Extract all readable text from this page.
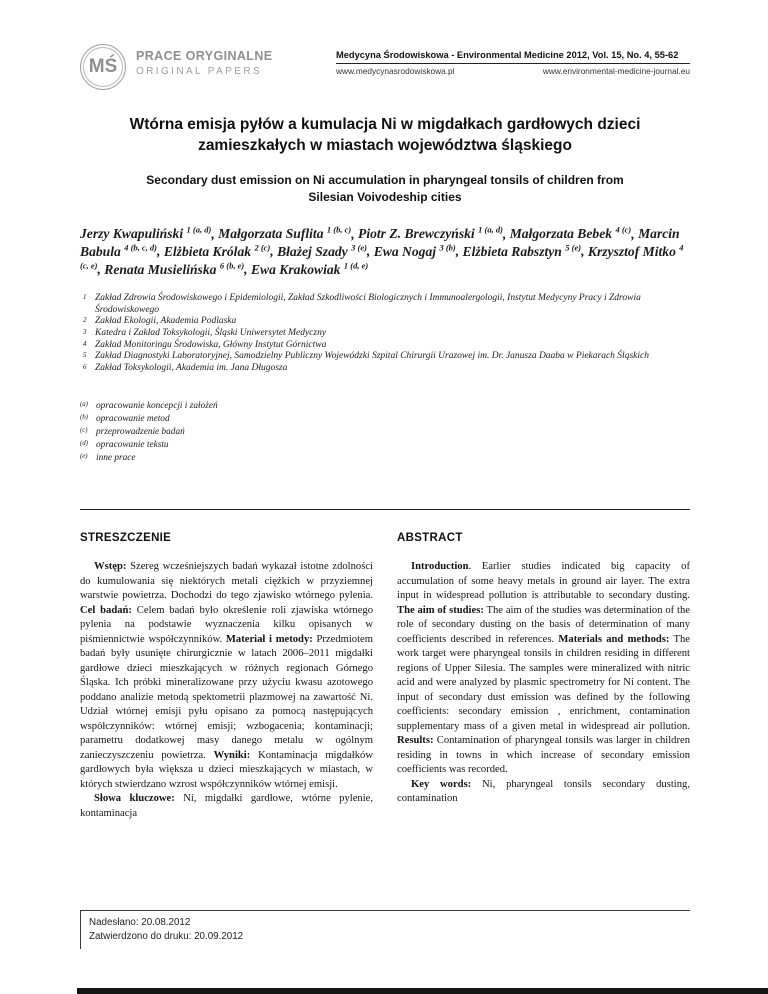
MŚ PRACE ORYGINALNE
ORIGINAL PAPERS
Medycyna Środowiskowa - Environmental Medicine 2012, Vol. 15, No. 4, 55-62
www.medycynasrodowiskowa.pl	www.environmental-medicine-journal.eu
Wtórna emisja pyłów a kumulacja Ni w migdałkach gardłowych dzieci zamieszkałych w miastach województwa śląskiego
Secondary dust emission on Ni accumulation in pharyngeal tonsils of children from Silesian Voivodeship cities
Jerzy Kwapuliński $^{1 (a, d)}$, Małgorzata Suflita $^{1 (b, c)}$, Piotr Z. Brewczyński $^{1 (a, d)}$, Małgorzata Bebek $^{4 (c)}$, Marcin Babula $^{4 (b, c, d)}$, Elżbieta Królak $^{2 (c)}$, Błażej Szady $^{3 (e)}$, Ewa Nogaj $^{3 (b)}$, Elżbieta Rabsztyn $^{5 (e)}$, Krzysztof Mitko $^{4 (c, e)}$, Renata Musielińska $^{6 (b, e)}$, Ewa Krakowiak $^{1 (d, e)}$
1 Zakład Zdrowia Środowiskowego i Epidemiologii, Zakład Szkodliwości Biologicznych i Immunoalergologii, Instytut Medycyny Pracy i Zdrowia Środowiskowego
2 Zakład Ekologii, Akademia Podlaska
3 Katedra i Zakład Toksykologii, Śląski Uniwersytet Medyczny
4 Zakład Monitoringu Środowiska, Główny Instytut Górnictwa
5 Zakład Diagnostyki Laboratoryjnej, Samodzielny Publiczny Wojewódzki Szpital Chirurgii Urazowej im. Dr. Janusza Daaba w Piekarach Śląskich
6 Zakład Toksykologii, Akademia im. Jana Długosza
(a) opracowanie koncepcji i założeń
(b) opracowanie metod
(c) przeprowadzenie badań
(d) opracowanie tekstu
(e) inne prace
STRESZCZENIE

Wstęp: Szereg wcześniejszych badań wykazał istotne zdolności do kumulowania się niektórych metali ciężkich w przyziemnej warstwie powietrza. Dochodzi do tego zjawisko wtórnego pylenia. Cel badań: Celem badań było określenie roli zjawiska wtórnego pylenia na podstawie wyznaczenia kilku opisanych w piśmiennictwie współczynników. Materiał i metody: Przedmiotem badań były usunięte chirurgicznie w latach 2006–2011 migdałki gardłowe dzieci mieszkających w różnych regionach Górnego Śląska. Ich próbki mineralizowane przy użyciu kwasu azotowego poddano analizie metodą spektometrii plazmowej na zawartość Ni. Udział wtórnej emisji pyłu opisano za pomocą następujących współczynników: wtórnej emisji; wzbogacenia; kontaminacji; parametru dodatkowej masy danego metalu w ogólnym zanieczyszczeniu powietrza. Wyniki: Kontaminacja migdałków gardłowych była większa u dzieci mieszkających w miastach, w których stwierdzano wzrost współczynników wtórnej emisji.

Słowa kluczowe: Ni, migdałki gardłowe, wtórne pylenie, kontaminacja

ABSTRACT

Introduction. Earlier studies indicated big capacity of accumulation of some heavy metals in ground air layer. The extra input in widespread pollution is attributable to secondary dusting. The aim of studies: The aim of the studies was determination of the role of secondary dusting on the basis of determination of many coefficients described in references. Materials and methods: The work target were pharyngeal tonsils in children residing in different regions of Upper Silesia. The samples were mineralized with nitric acid and were analyzed by plasmic spectrometry for Ni content. The input of secondary dust emission was defined by the following coefficients: secondary emission , enrichment, contamination supplementary mass of a given metal in widespread air pollution. Results: Contamination of pharyngeal tonsils was larger in children residing in towns in which increase of secondary emission coefficients was recorded.

Key words: Ni, pharyngeal tonsils secondary dusting, contamination

Nadesłano: 20.08.2012
Zatwierdzono do druku: 20.09.2012
